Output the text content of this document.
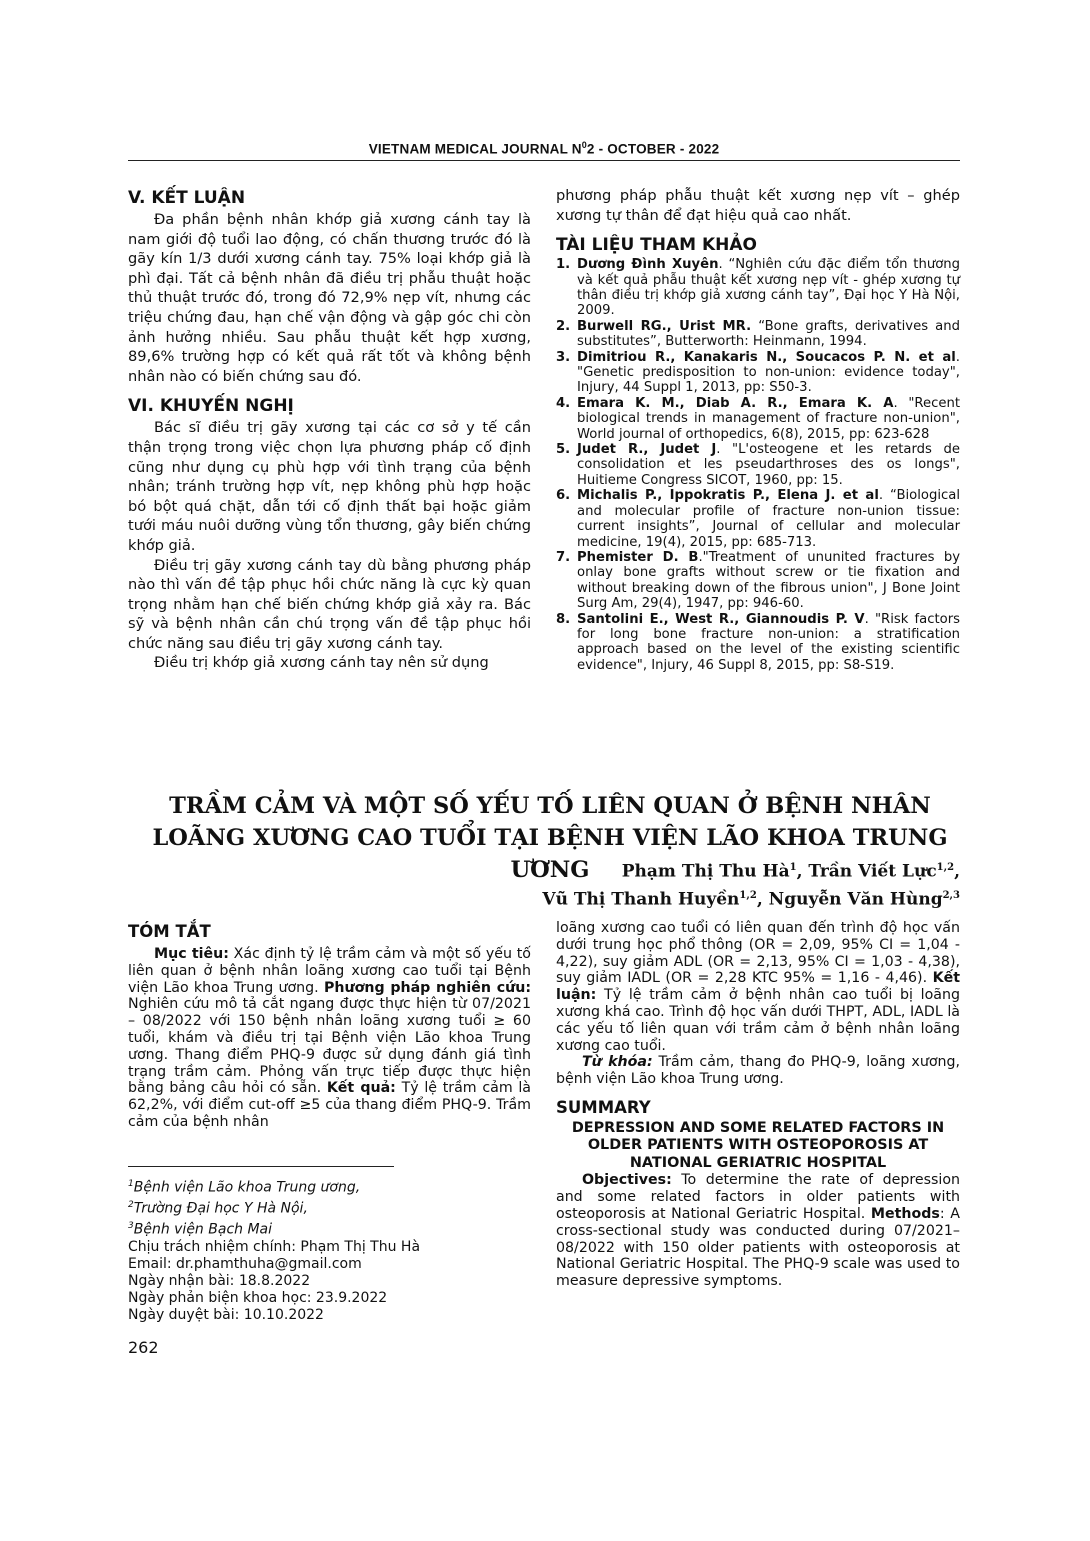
VIETNAM MEDICAL JOURNAL $N^02$ - OCTOBER - 2022
V. KẾT LUẬN

Đa phần bệnh nhân khớp giả xương cánh tay là nam giới độ tuổi lao động, có chấn thương trước đó là gãy kín 1/3 dưới xương cánh tay. 75% loại khớp giả là phì đại. Tất cả bệnh nhân đã điều trị phẫu thuật hoặc thủ thuật trước đó, trong đó 72,9% nẹp vít, nhưng các triệu chứng đau, hạn chế vận động và gập góc chi còn ảnh hưởng nhiều. Sau phẫu thuật kết hợp xương, 89,6% trường hợp có kết quả rất tốt và không bệnh nhân nào có biến chứng sau đó.

VI. KHUYẾN NGHỊ

Bác sĩ điều trị gãy xương tại các cơ sở y tế cần thận trọng trong việc chọn lựa phương pháp cố định cũng như dụng cụ phù hợp với tình trạng của bệnh nhân; tránh trường hợp vít, nẹp không phù hợp hoặc bó bột quá chặt, dẫn tới cố định thất bại hoặc giảm tưới máu nuôi dưỡng vùng tổn thương, gây biến chứng khớp giả.

Điều trị gãy xương cánh tay dù bằng phương pháp nào thì vấn đề tập phục hồi chức năng là cực kỳ quan trọng nhằm hạn chế biến chứng khớp giả xảy ra. Bác sỹ và bệnh nhân cần chú trọng vấn đề tập phục hồi chức năng sau điều trị gãy xương cánh tay.

Điều trị khớp giả xương cánh tay nên sử dụng

phương pháp phẫu thuật kết xương nẹp vít – ghép xương tự thân để đạt hiệu quả cao nhất.

TÀI LIỆU THAM KHẢO
1. Dương Đình Xuyên. “Nghiên cứu đặc điểm tổn thương và kết quả phẫu thuật kết xương nẹp vít - ghép xương tự thân điều trị khớp giả xương cánh tay”, Đại học Y Hà Nội, 2009.
2. Burwell RG., Urist MR. “Bone grafts, derivatives and substitutes”, Butterworth: Heinmann, 1994.
3. Dimitriou R., Kanakaris N., Soucacos P. N. et al. "Genetic predisposition to non-union: evidence today", Injury, 44 Suppl 1, 2013, pp: S50-3.
4. Emara K. M., Diab A. R., Emara K. A. "Recent biological trends in management of fracture non-union", World journal of orthopedics, 6(8), 2015, pp: 623-628
5. Judet R., Judet J. "L'osteogene et les retards de consolidation et les pseudarthroses des os longs", Huitieme Congress SICOT, 1960, pp: 15.
6. Michalis P., Ippokratis P., Elena J. et al. “Biological and molecular profile of fracture non-union tissue: current insights”, Journal of cellular and molecular medicine, 19(4), 2015, pp: 685-713.
7. Phemister D. B."Treatment of ununited fractures by onlay bone grafts without screw or tie fixation and without breaking down of the fibrous union", J Bone Joint Surg Am, 29(4), 1947, pp: 946-60.
8. Santolini E., West R., Giannoudis P. V. "Risk factors for long bone fracture non-union: a stratification approach based on the level of the existing scientific evidence", Injury, 46 Suppl 8, 2015, pp: S8-S19.
TRẦM CẢM VÀ MỘT SỐ YẾU TỐ LIÊN QUAN Ở BỆNH NHÂN
LOÃNG XƯƠNG CAO TUỔI TẠI BỆNH VIỆN LÃO KHOA TRUNG ƯƠNG	Phạm Thị Thu $Hà^1$, Trần Viết Lực$^{1,2}$,
Vũ Thị Thanh Huyền$^{1,2}$, Nguyễn Văn Hùng$^{2,3}$
TÓM TẮT

Mục tiêu: Xác định tỷ lệ trầm cảm và một số yếu tố liên quan ở bệnh nhân loãng xương cao tuổi tại Bệnh viện Lão khoa Trung ương. Phương pháp nghiên cứu: Nghiên cứu mô tả cắt ngang được thực hiện từ 07/2021 – 08/2022 với 150 bệnh nhân loãng xương tuổi ≥ 60 tuổi, khám và điều trị tại Bệnh viện Lão khoa Trung ương. Thang điểm PHQ-9 được sử dụng đánh giá tình trạng trầm cảm. Phỏng vấn trực tiếp được thực hiện bằng bảng câu hỏi có sẵn. Kết quả: Tỷ lệ trầm cảm là 62,2%, với điểm cut-off ≥5 của thang điểm PHQ-9. Trầm cảm của bệnh nhân

$^1$Bệnh viện Lão khoa Trung ương,
$^2$Trường Đại học Y Hà Nội,
$^3$Bệnh viện Bạch Mai
Chịu trách nhiệm chính: Phạm Thị Thu Hà
Email: dr.phamthuha@gmail.com
Ngày nhận bài: 18.8.2022
Ngày phản biện khoa học: 23.9.2022
Ngày duyệt bài: 10.10.2022
262

loãng xương cao tuổi có liên quan đến trình độ học vấn dưới trung học phổ thông (OR = 2,09, 95% CI = 1,04 - 4,22), suy giảm ADL (OR = 2,13, 95% CI = 1,03 - 4,38), suy giảm IADL (OR = 2,28 KTC 95% = 1,16 - 4,46). Kết luận: Tỷ lệ trầm cảm ở bệnh nhân cao tuổi bị loãng xương khá cao. Trình độ học vấn dưới THPT, ADL, IADL là các yếu tố liên quan với trầm cảm ở bệnh nhân loãng xương cao tuổi.

Từ khóa: Trầm cảm, thang đo PHQ-9, loãng xương, bệnh viện Lão khoa Trung ương.

SUMMARY
DEPRESSION AND SOME RELATED FACTORS IN OLDER PATIENTS WITH OSTEOPOROSIS AT NATIONAL GERIATRIC HOSPITAL

Objectives: To determine the rate of depression and some related factors in older patients with osteoporosis at National Geriatric Hospital. Methods: A cross-sectional study was conducted during 07/2021–08/2022 with 150 older patients with osteoporosis at National Geriatric Hospital. The PHQ-9 scale was used to measure depressive symptoms.
